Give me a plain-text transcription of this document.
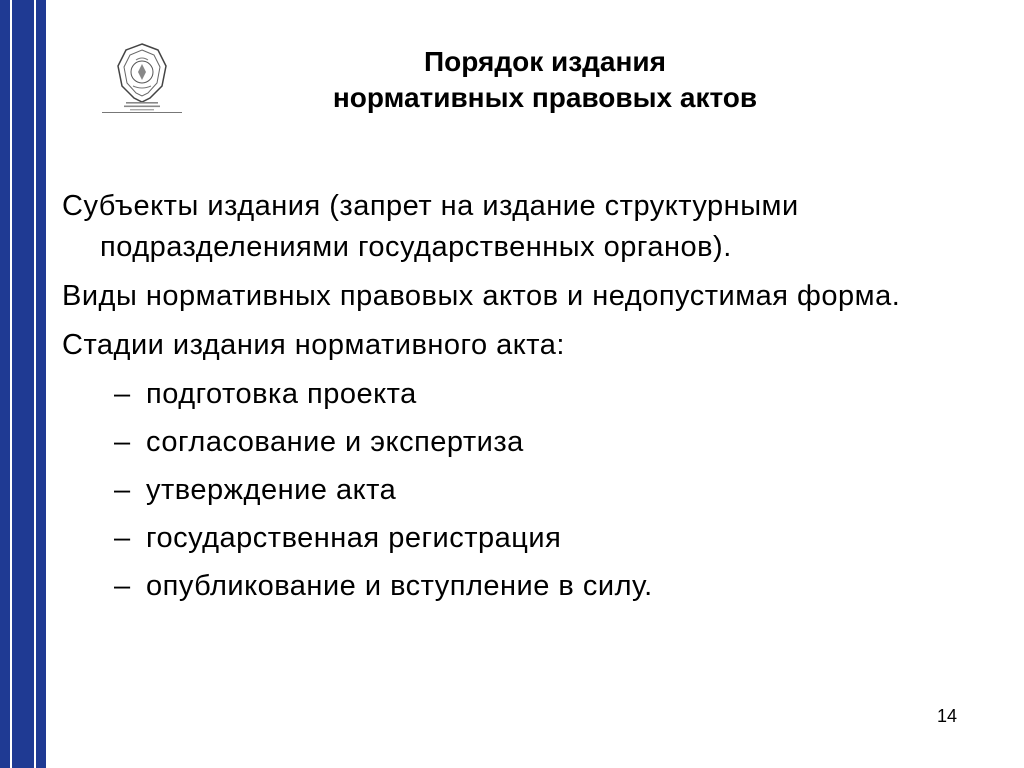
Порядок издания
нормативных правовых актов
Субъекты издания (запрет на издание структурными подразделениями государственных органов).
Виды нормативных правовых актов и недопустимая форма.
Стадии издания нормативного акта:
– подготовка проекта
– согласование и экспертиза
– утверждение акта
– государственная регистрация
– опубликование и вступление в силу.
14
